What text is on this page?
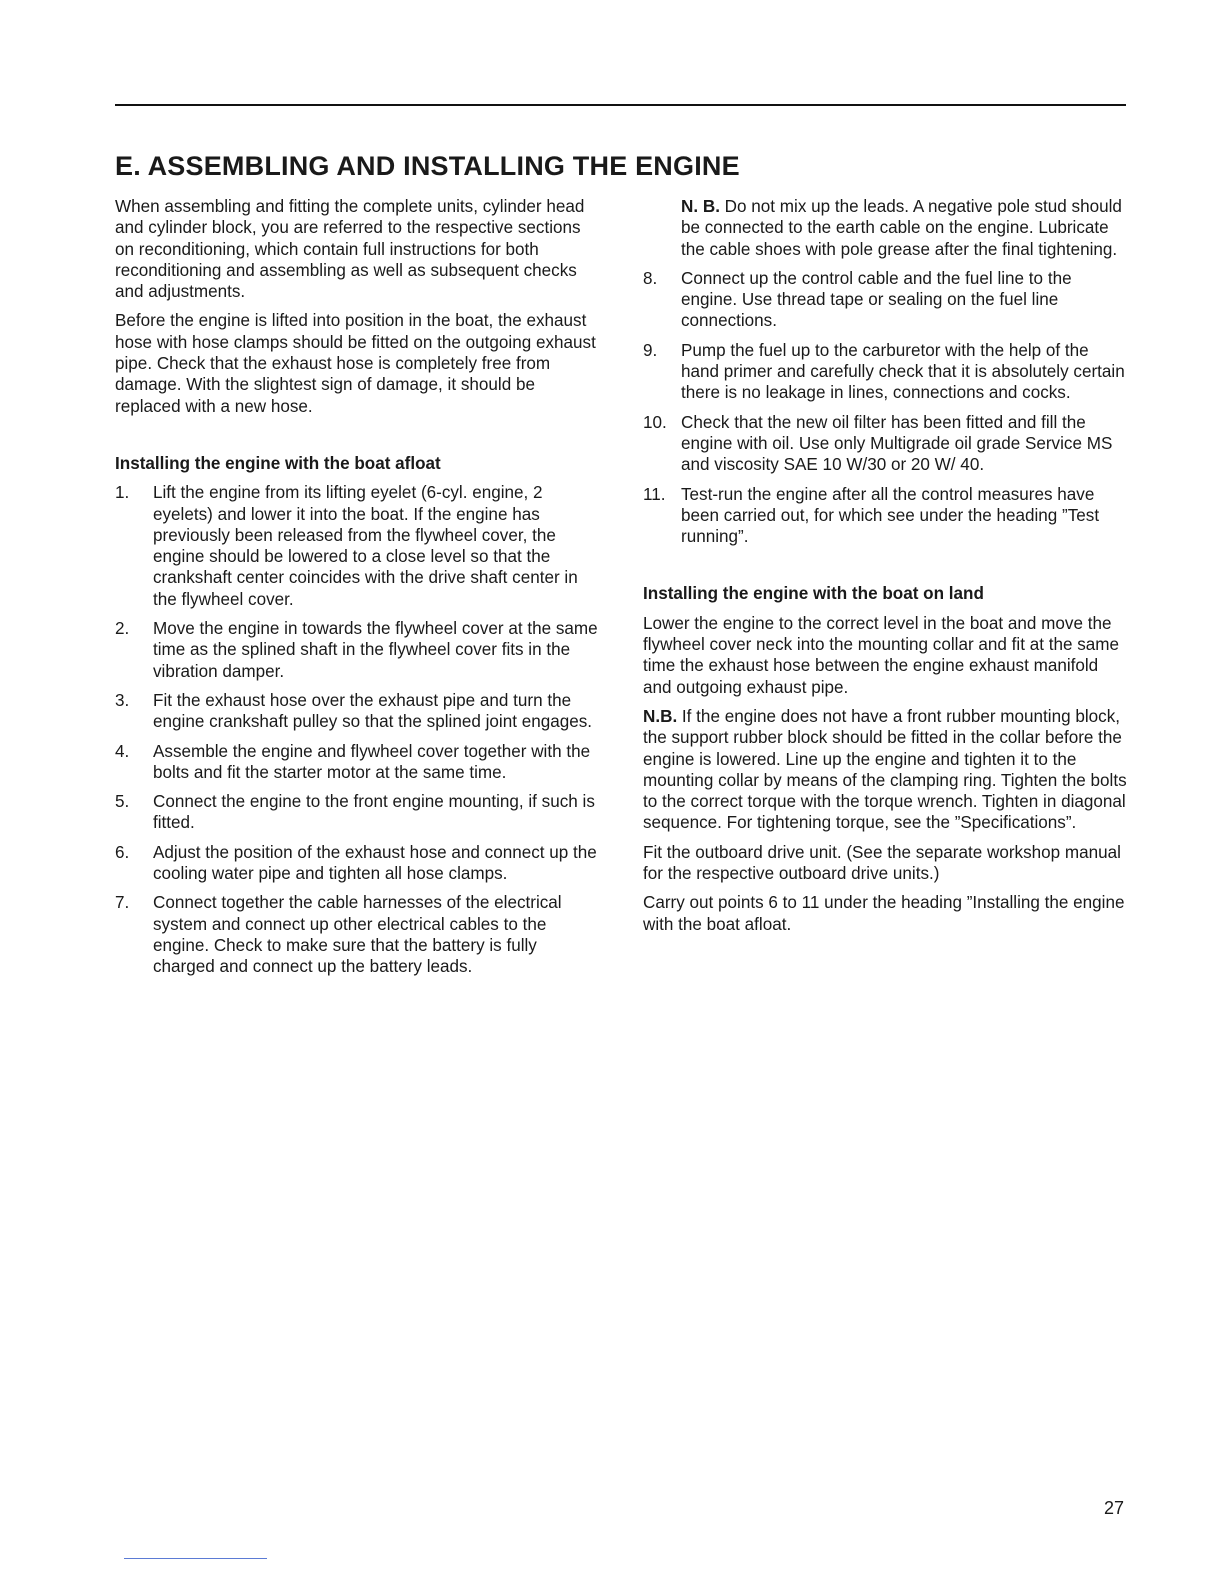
E. ASSEMBLING AND INSTALLING THE ENGINE

When assembling and fitting the complete units, cylinder head and cylinder block, you are referred to the respective sections on reconditioning, which contain full instructions for both reconditioning and assembling as well as subsequent checks and adjustments.

Before the engine is lifted into position in the boat, the exhaust hose with hose clamps should be fitted on the outgoing exhaust pipe. Check that the exhaust hose is completely free from damage. With the slightest sign of damage, it should be replaced with a new hose.

Installing the engine with the boat afloat
1.	Lift the engine from its lifting eyelet (6-cyl. engine, 2 eyelets) and lower it into the boat. If the engine has previously been released from the flywheel cover, the engine should be lowered to a close level so that the crankshaft center coincides with the drive shaft center in the flywheel cover.
2.	Move the engine in towards the flywheel cover at the same time as the splined shaft in the flywheel cover fits in the vibration damper.
3.	Fit the exhaust hose over the exhaust pipe and turn the engine crankshaft pulley so that the splined joint engages.
4.	Assemble the engine and flywheel cover together with the bolts and fit the starter motor at the same time.
5.	Connect the engine to the front engine mounting, if such is fitted.
6.	Adjust the position of the exhaust hose and connect up the cooling water pipe and tighten all hose clamps.
7.	Connect together the cable harnesses of the electrical system and connect up other electrical cables to the engine. Check to make sure that the battery is fully charged and connect up the battery leads.
N. B. Do not mix up the leads. A negative pole stud should be connected to the earth cable on the engine. Lubricate the cable shoes with pole grease after the final tightening.
8.	Connect up the control cable and the fuel line to the engine. Use thread tape or sealing on the fuel line connections.
9.	Pump the fuel up to the carburetor with the help of the hand primer and carefully check that it is absolutely certain there is no leakage in lines, connections and cocks.
10. Check that the new oil filter has been fitted and fill the engine with oil. Use only Multigrade oil grade Service MS and viscosity SAE 10 W/30 or 20 W/ 40.
11. Test-run the engine after all the control measures have been carried out, for which see under the heading ”Test running”.
Installing the engine with the boat on land

Lower the engine to the correct level in the boat and move the flywheel cover neck into the mounting collar and fit at the same time the exhaust hose between the engine exhaust manifold and outgoing exhaust pipe.

N.B. If the engine does not have a front rubber mounting block, the support rubber block should be fitted in the collar before the engine is lowered. Line up the engine and tighten it to the mounting collar by means of the clamping ring. Tighten the bolts to the correct torque with the torque wrench. Tighten in diagonal sequence. For tightening torque, see the ”Specifications”.

Fit the outboard drive unit. (See the separate workshop manual for the respective outboard drive units.)

Carry out points 6 to 11 under the heading ”Installing the engine with the boat afloat.

27
